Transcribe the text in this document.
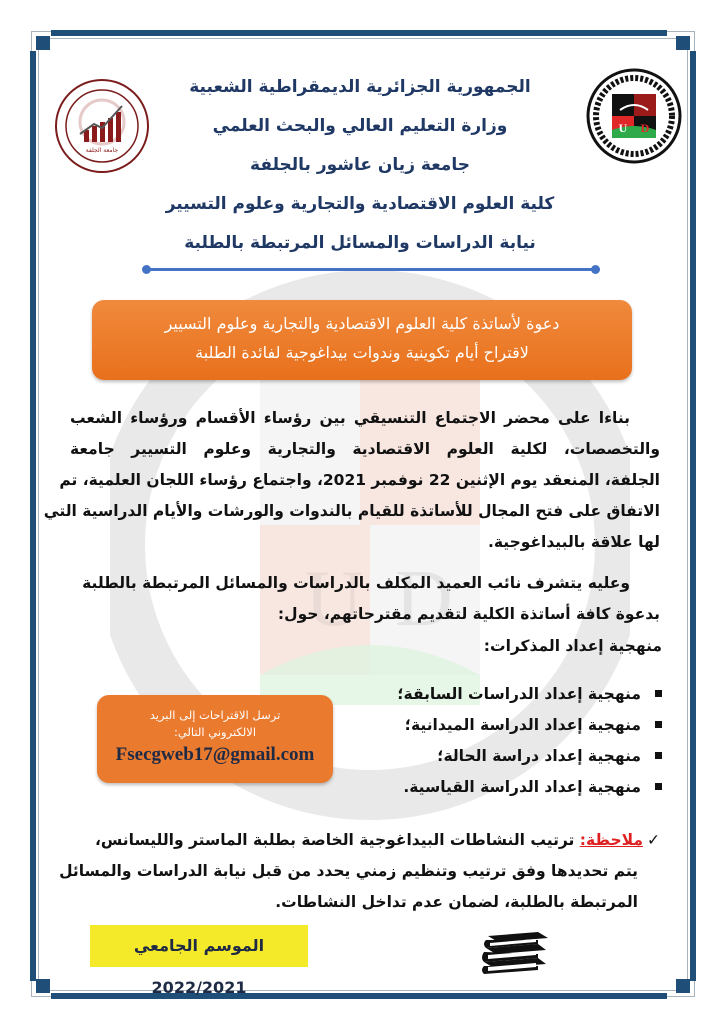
U D
جامعة الجلفة
U D
الجمهورية الجزائرية الديمقراطية الشعبية
وزارة التعليم العالي والبحث العلمي
جامعة زيان عاشور بالجلفة
كلية العلوم الاقتصادية والتجارية وعلوم التسيير
نيابة الدراسات والمسائل المرتبطة بالطلبة
دعوة لأساتذة كلية العلوم الاقتصادية والتجارية وعلوم التسيير
لاقتراح أيام تكوينية وندوات بيداغوجية لفائدة الطلبة
بناءا على محضر الاجتماع التنسيقي بين رؤساء الأقسام ورؤساء الشعب
والتخصصات، لكلية العلوم الاقتصادية والتجارية وعلوم التسيير جامعة
الجلفة، المنعقد يوم الإثنين 22 نوفمبر 2021، واجتماع رؤساء اللجان العلمية، تم
الاتفاق على فتح المجال للأساتذة للقيام بالندوات والورشات والأيام الدراسية التي
لها علاقة بالبيداغوجية.
وعليه يتشرف نائب العميد المكلف بالدراسات والمسائل المرتبطة بالطلبة
بدعوة كافة أساتذة الكلية لتقديم مقترحاتهم، حول:
منهجية إعداد المذكرات:
منهجية إعداد الدراسات السابقة؛
منهجية إعداد الدراسة الميدانية؛
منهجية إعداد دراسة الحالة؛
منهجية إعداد الدراسة القياسية.
ترسل الاقتراحات إلى البريد
الالكتروني التالي:
Fsecgweb17@gmail.com
✓ملاحظة: ترتيب النشاطات البيداغوجية الخاصة بطلبة الماستر والليسانس،
يتم تحديدها وفق ترتيب وتنظيم زمني يحدد من قبل نيابة الدراسات والمسائل
المرتبطة بالطلبة، لضمان عدم تداخل النشاطات.
الموسم الجامعي 2022/2021
